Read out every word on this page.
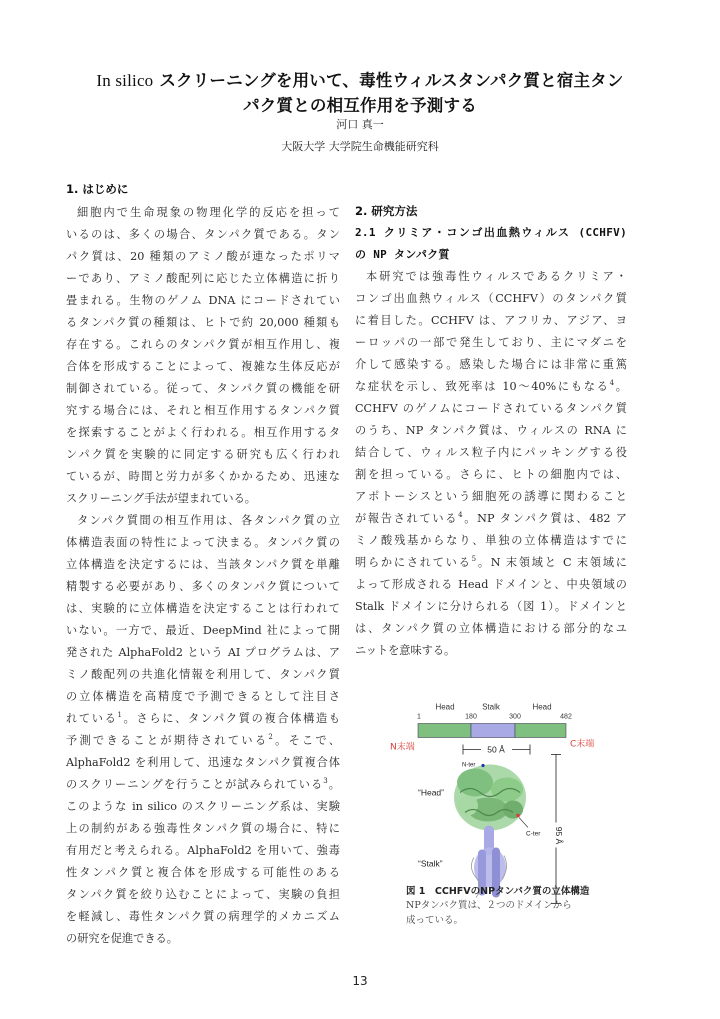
In silico スクリーニングを用いて、毒性ウィルスタンパク質と宿主タン
パク質との相互作用を予測する
河口 真一
大阪大学 大学院生命機能研究科
1. はじめに
細胞内で生命現象の物理化学的反応を担って
いるのは、多くの場合、タンパク質である。タン
パク質は、20 種類のアミノ酸が連なったポリマ
ーであり、アミノ酸配列に応じた立体構造に折り
畳まれる。生物のゲノム DNA にコードされてい
るタンパク質の種類は、ヒトで約 20,000 種類も
存在する。これらのタンパク質が相互作用し、複
合体を形成することによって、複雑な生体反応が
制御されている。従って、タンパク質の機能を研
究する場合には、それと相互作用するタンパク質
を探索することがよく行われる。相互作用するタ
ンパク質を実験的に同定する研究も広く行われ
ているが、時間と労力が多くかかるため、迅速な
スクリーニング手法が望まれている。
タンパク質間の相互作用は、各タンパク質の立
体構造表面の特性によって決まる。タンパク質の
立体構造を決定するには、当該タンパク質を単離
精製する必要があり、多くのタンパク質について
は、実験的に立体構造を決定することは行われて
いない。一方で、最近、DeepMind 社によって開
発された AlphaFold2 という AI プログラムは、ア
ミノ酸配列の共進化情報を利用して、タンパク質
の立体構造を高精度で予測できるとして注目さ
れている$^1$。さらに、タンパク質の複合体構造も
予測できることが期待されている$^2$。そこで、
AlphaFold2 を利用して、迅速なタンパク質複合体
のスクリーニングを行うことが試みられている$^3$。
このような in silico のスクリーニング系は、実験
上の制約がある強毒性タンパク質の場合に、特に
有用だと考えられる。AlphaFold2 を用いて、強毒
性タンパク質と複合体を形成する可能性のある
タンパク質を絞り込むことによって、実験の負担
を軽減し、毒性タンパク質の病理学的メカニズム
の研究を促進できる。
2. 研究方法
2.1 クリミア・コンゴ出血熱ウィルス (CCHFV)
の NP タンパク質
本研究では強毒性ウィルスであるクリミア・
コンゴ出血熱ウィルス（CCHFV）のタンパク質
に着目した。CCHFV は、アフリカ、アジア、ヨ
ーロッパの一部で発生しており、主にマダニを
介して感染する。感染した場合には非常に重篤
な症状を示し、致死率は 10〜40%にもなる$^4$。
CCHFV のゲノムにコードされているタンパク質
のうち、NP タンパク質は、ウィルスの RNA に
結合して、ウィルス粒子内にパッキングする役
割を担っている。さらに、ヒトの細胞内では、
アポトーシスという細胞死の誘導に関わること
が報告されている$^4$。NP タンパク質は、482 ア
ミノ酸残基からなり、単独の立体構造はすでに
明らかにされている$^5$。N 末領域と C 末領域に
よって形成される Head ドメインと、中央領域の
Stalk ドメインに分けられる（図 1）。ドメインと
は、タンパク質の立体構造における部分的なユ
ニットを意味する。
Head	Stalk	Head
1	180	300	482
N末端	C末端
50 Å
95 Å
N-ter
C-ter
“Head”
“Stalk”
図 1　CCHFVのNPタンパク質の立体構造
NPタンパク質は、２つのドメインから
成っている。
13
